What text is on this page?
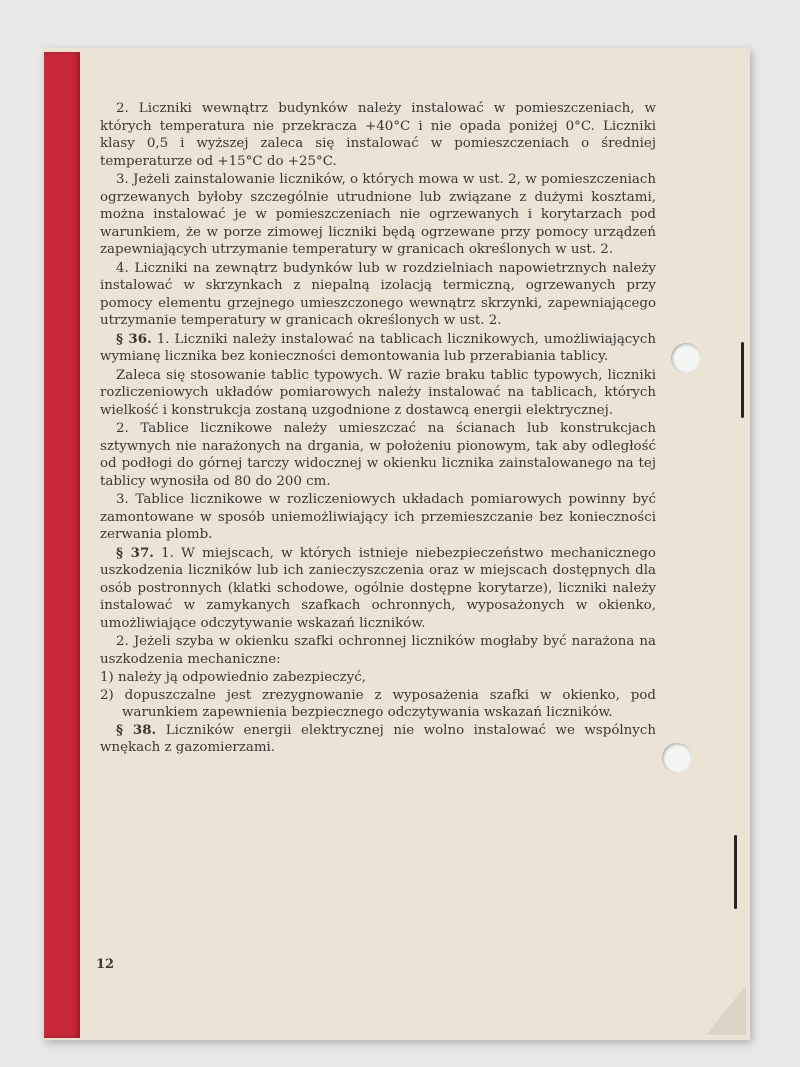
2. Liczniki wewnątrz budynków należy instalować w pomieszczeniach, w których temperatura nie przekracza +40°C i nie opada poniżej 0°C. Liczniki klasy 0,5 i wyższej zaleca się instalować w pomieszczeniach o średniej temperaturze od +15°C do +25°C.

3. Jeżeli zainstalowanie liczników, o których mowa w ust. 2, w pomieszczeniach ogrzewanych byłoby szczególnie utrudnione lub związane z dużymi kosztami, można instalować je w pomieszczeniach nie ogrzewanych i korytarzach pod warunkiem, że w porze zimowej liczniki będą ogrzewane przy pomocy urządzeń zapewniających utrzymanie temperatury w granicach określonych w ust. 2.

4. Liczniki na zewnątrz budynków lub w rozdzielniach napowietrznych należy instalować w skrzynkach z niepalną izolacją termiczną, ogrzewanych przy pomocy elementu grzejnego umieszczonego wewnątrz skrzynki, zapewniającego utrzymanie temperatury w granicach określonych w ust. 2.

§ 36. 1. Liczniki należy instalować na tablicach licznikowych, umożliwiających wymianę licznika bez konieczności demontowania lub przerabiania tablicy.

Zaleca się stosowanie tablic typowych. W razie braku tablic typowych, liczniki rozliczeniowych układów pomiarowych należy instalować na tablicach, których wielkość i konstrukcja zostaną uzgodnione z dostawcą energii elektrycznej.

2. Tablice licznikowe należy umieszczać na ścianach lub konstrukcjach sztywnych nie narażonych na drgania, w położeniu pionowym, tak aby odległość od podłogi do górnej tarczy widocznej w okienku licznika zainstalowanego na tej tablicy wynosiła od 80 do 200 cm.

3. Tablice licznikowe w rozliczeniowych układach pomiarowych powinny być zamontowane w sposób uniemożliwiający ich przemieszczanie bez konieczności zerwania plomb.

§ 37. 1. W miejscach, w których istnieje niebezpieczeństwo mechanicznego uszkodzenia liczników lub ich zanieczyszczenia oraz w miejscach dostępnych dla osób postronnych (klatki schodowe, ogólnie dostępne korytarze), liczniki należy instalować w zamykanych szafkach ochronnych, wyposażonych w okienko, umożliwiające odczytywanie wskazań liczników.

2. Jeżeli szyba w okienku szafki ochronnej liczników mogłaby być narażona na uszkodzenia mechaniczne:

1) należy ją odpowiednio zabezpieczyć,
2) dopuszczalne jest zrezygnowanie z wyposażenia szafki w okienko, pod warunkiem zapewnienia bezpiecznego odczytywania wskazań liczników.

§ 38. Liczników energii elektrycznej nie wolno instalować we wspólnych wnękach z gazomierzami.

12
